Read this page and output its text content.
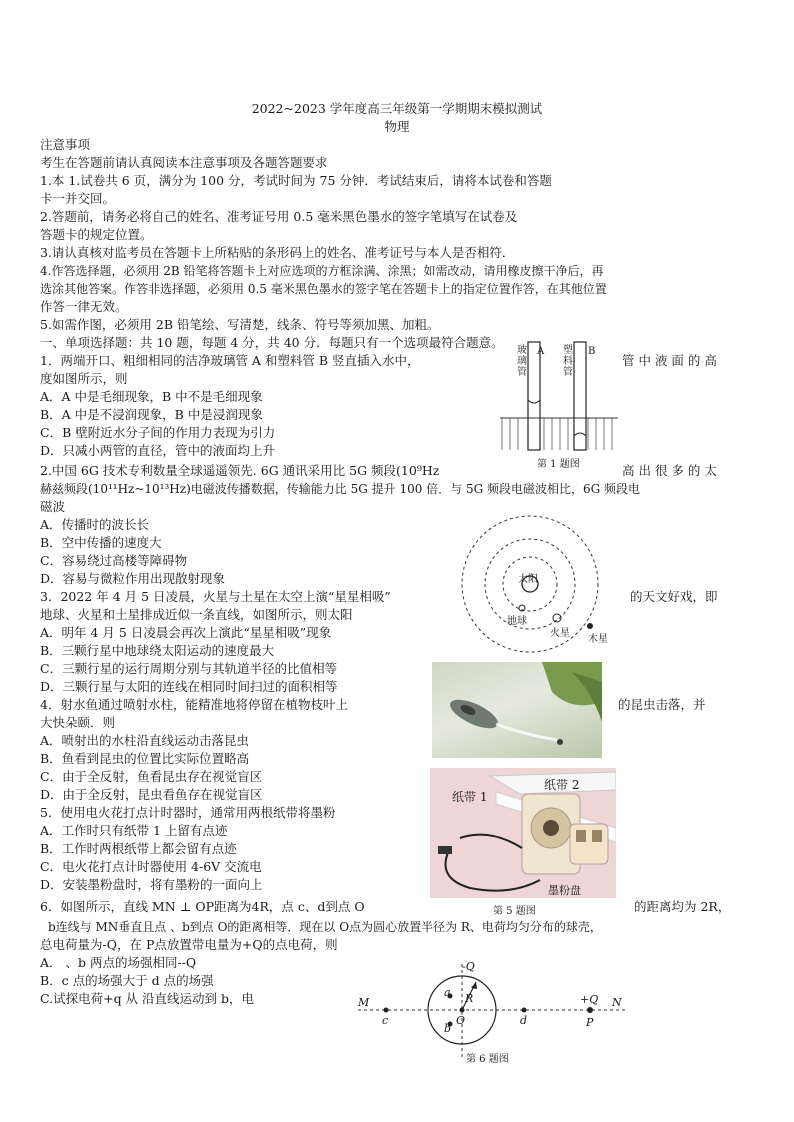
2022~2023 学年度高三年级第一学期期末模拟测试
物理
注意事项
考生在答题前请认真阅读本注意事项及各题答题要求
1.本 1.试卷共 6 页，满分为 100 分，考试时间为 75 分钟．考试结束后，请将本试卷和答题
卡一并交回。
2.答题前，请务必将自己的姓名、准考证号用 0.5 毫米黑色墨水的签字笔填写在试卷及
答题卡的规定位置。
3.请认真核对监考员在答题卡上所粘贴的条形码上的姓名、准考证号与本人是否相符．
4.作答选择题，必须用 2B 铅笔将答题卡上对应选项的方框涂满、涂黑；如需改动，请用橡皮擦干净后，再
选涂其他答案。作答非选择题，必须用 0.5 毫米黑色墨水的签字笔在答题卡上的指定位置作答，在其他位置
作答一律无效。
5.如需作图，必须用 2B 铅笔绘、写清楚，线条、符号等须加黑、加粗。
一、单项选择题：共 10 题，每题 4 分，共 40 分．每题只有一个选项最符合题意。
1．两端开口、粗细相同的洁净玻璃管 A 和塑料管 B 竖直插入水中，	管 中 液 面 的 高
度如图所示，则
A．A 中是毛细现象，B 中不是毛细现象
B．A 中是不浸润现象，B 中是浸润现象
C．B 壁附近水分子间的作用力表现为引力
D．只减小两管的直径，管中的液面均上升
玻璃管
塑料管
A	B
第 1 题图
2.中国 6G 技术专利数量全球遥遥领先. 6G 通讯采用比 5G 频段(10⁹Hz	高 出 很 多 的 太
赫兹频段(10¹¹Hz~10¹³Hz)电磁波传播数据，传输能力比 5G 提升 100 倍．与 5G 频段电磁波相比，6G 频段电
磁波
A．传播时的波长长
B．空中传播的速度大
C．容易绕过高楼等障碍物
D．容易与微粒作用出现散射现象	太阳
地球
火星
木星
3．2022 年 4 月 5 日凌晨，火星与土星在太空上演“星星相吸”	的天文好戏，即
地球、火星和土星排成近似一条直线，如图所示，则太阳
A．明年 4 月 5 日凌晨会再次上演此“星星相吸”现象
B．三颗行星中地球绕太阳运动的速度最大
C．三颗行星的运行周期分别与其轨道半径的比值相等
D．三颗行星与太阳的连线在相同时间扫过的面积相等
4．射水鱼通过喷射水柱，能精准地将停留在植物枝叶上	的昆虫击落，并
大快朵颐．则
A．喷射出的水柱沿直线运动击落昆虫
B．鱼看到昆虫的位置比实际位置略高
C．由于全反射，鱼看昆虫存在视觉盲区
D．由于全反射，昆虫看鱼存在视觉盲区	纸带 1
纸带 2
墨粉盘
第 5 题图
5．使用电火花打点计时器时，通常用两根纸带将墨粉
A．工作时只有纸带 1 上留有点迹
B．工作时两根纸带上都会留有点迹
C．电火花打点计时器使用 4-6V 交流电
D．安装墨粉盘时，将有墨粉的一面向上
6．如图所示，直线 MN ⊥ OP距离为4R，点 c、d到点 O	的距离均为 2R，
b连线与 MN垂直且点 、b到点 O的距离相等．现在以 O点为圆心放置半径为 R、电荷均匀分布的球壳，
总电荷量为-Q，在 P点放置带电量为+Q的点电荷，则
A． 、b 两点的场强相同--Q
B．c 点的场强大于 d 点的场强
C.试探电荷+q 从 沿直线运动到 b，电
-Q
+Q
M	N
a
b
c	d
O
R
P
第 6 题图
